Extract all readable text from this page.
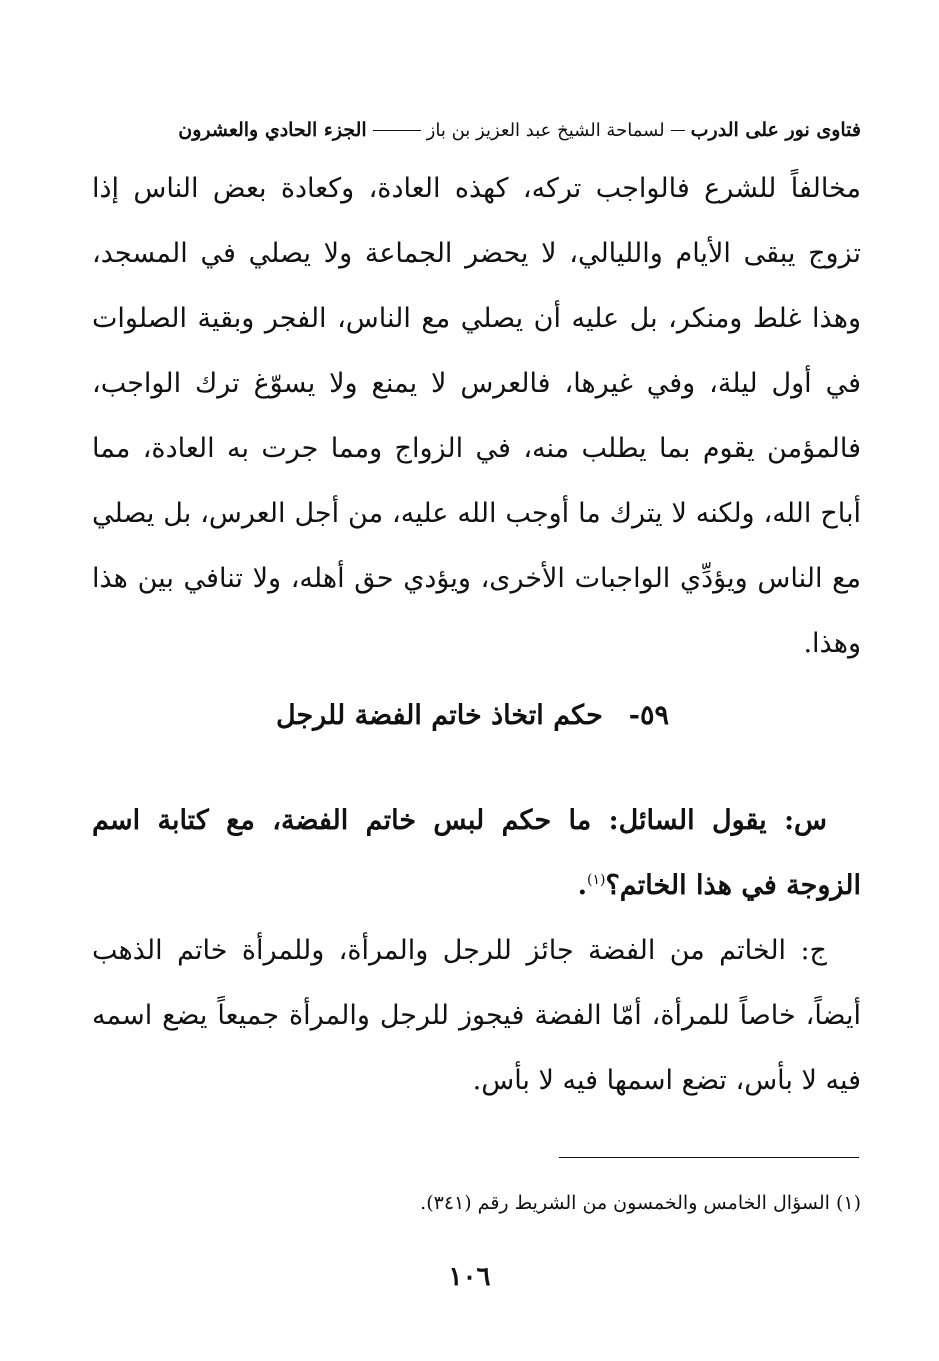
فتاوى نور على الدرب
لسماحة الشيخ عبد العزيز بن باز
الجزء الحادي والعشرون

مخالفاً للشرع فالواجب تركه، كهذه العادة، وكعادة بعض الناس إذا تزوج يبقى الأيام والليالي، لا يحضر الجماعة ولا يصلي في المسجد، وهذا غلط ومنكر، بل عليه أن يصلي مع الناس، الفجر وبقية الصلوات في أول ليلة، وفي غيرها، فالعرس لا يمنع ولا يسوّغ ترك الواجب، فالمؤمن يقوم بما يطلب منه، في الزواج ومما جرت به العادة، مما أباح الله، ولكنه لا يترك ما أوجب الله عليه، من أجل العرس، بل يصلي مع الناس ويؤدِّي الواجبات الأخرى، ويؤدي حق أهله، ولا تنافي بين هذا وهذا.

٥٩-حكم اتخاذ خاتم الفضة للرجل

س: يقول السائل: ما حكم لبس خاتم الفضة، مع كتابة اسم الزوجة في هذا الخاتم؟$^{(١)}$.

ج: الخاتم من الفضة جائز للرجل والمرأة، وللمرأة خاتم الذهب أيضاً، خاصاً للمرأة، أمّا الفضة فيجوز للرجل والمرأة جميعاً يضع اسمه فيه لا بأس، تضع اسمها فيه لا بأس.

(١) السؤال الخامس والخمسون من الشريط رقم (٣٤١).
١٠٦
